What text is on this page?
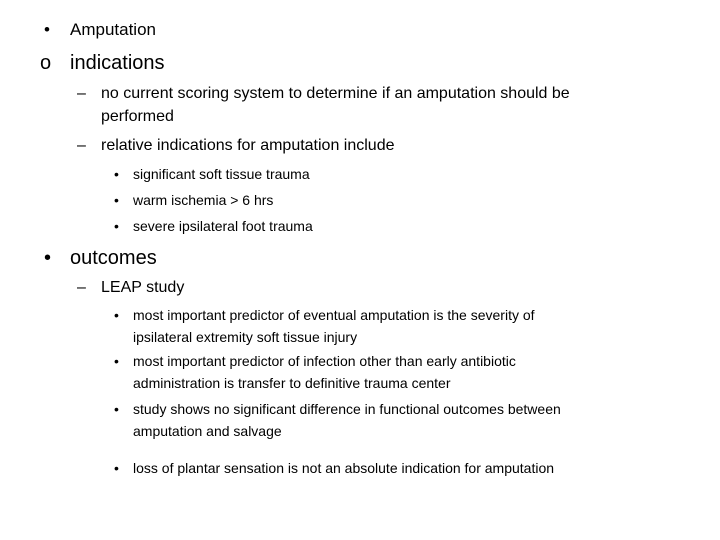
• Amputation
o indications
– no current scoring system to determine if an amputation should be
performed
– relative indications for amputation include
• significant soft tissue trauma
• warm ischemia > 6 hrs
• severe ipsilateral foot trauma
• outcomes
– LEAP study
• most important predictor of eventual amputation is the severity of
ipsilateral extremity soft tissue injury
• most important predictor of infection other than early antibiotic
administration is transfer to definitive trauma center
• study shows no significant difference in functional outcomes between
amputation and salvage
• loss of plantar sensation is not an absolute indication for amputation
